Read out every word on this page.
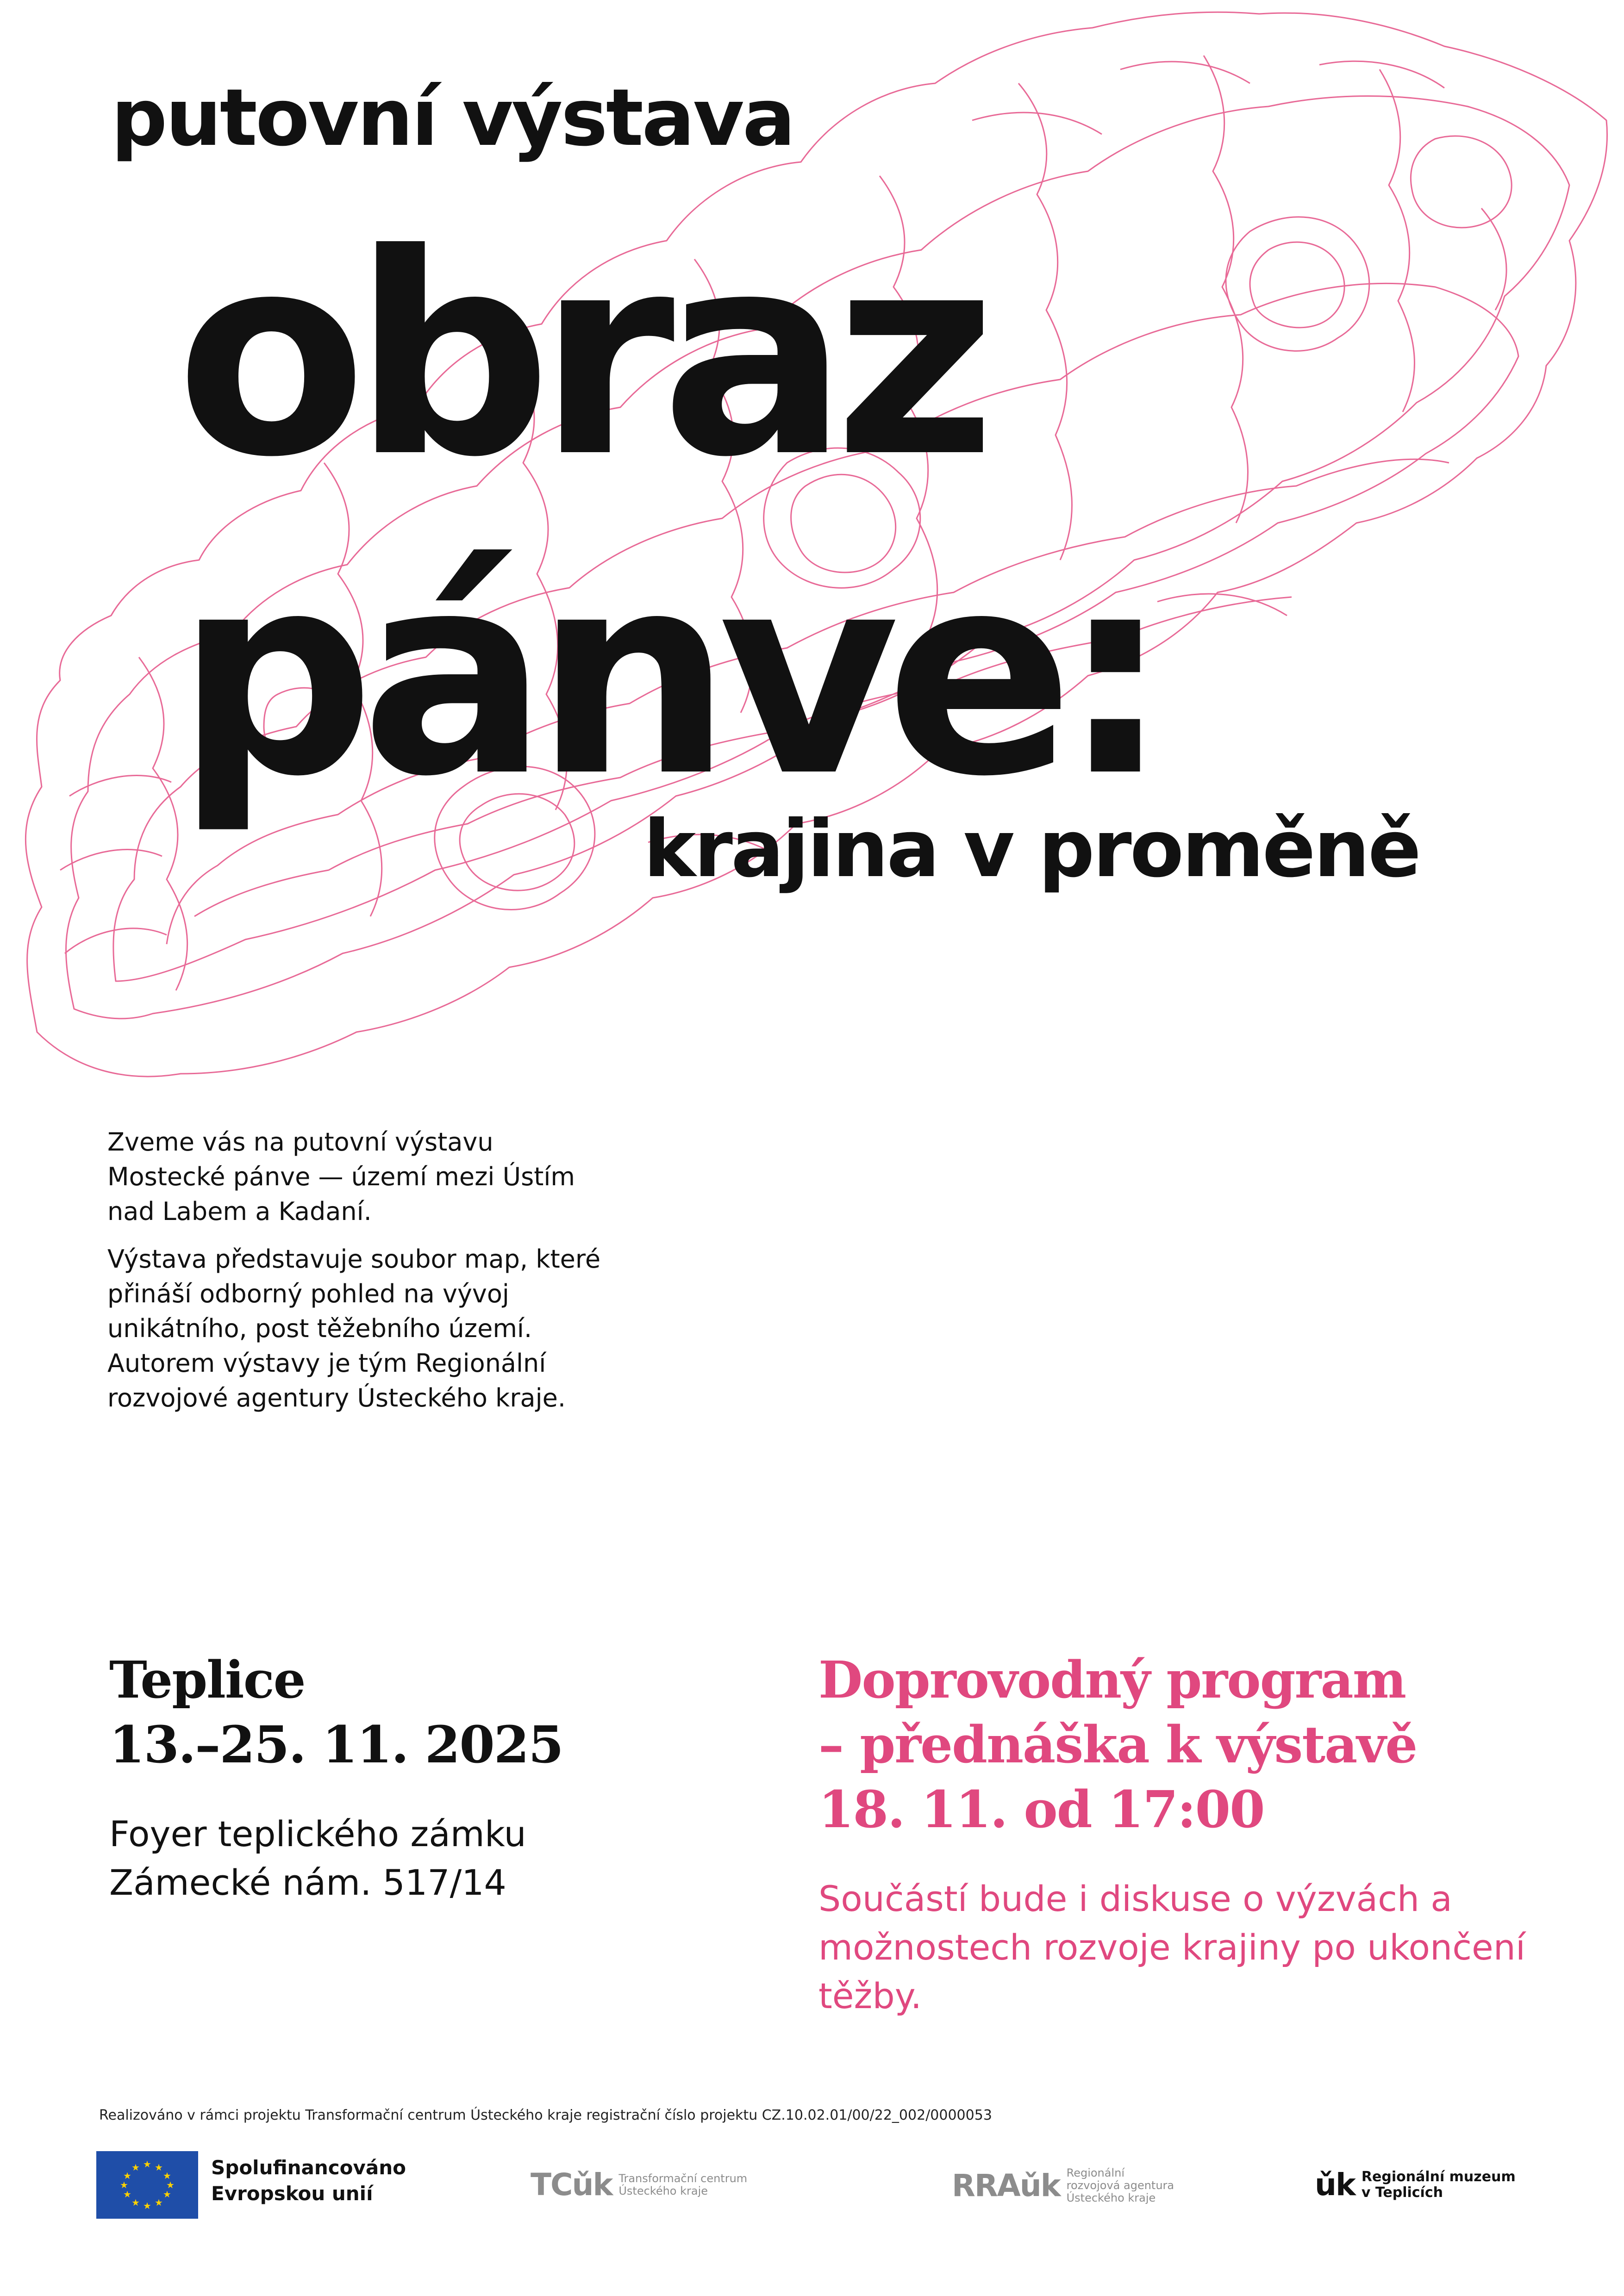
putovní výstava
obraz
pánve:
krajina v proměně

Zveme vás na putovní výstavu Mostecké pánve — území mezi Ústím nad Labem a Kadaní.

Výstava představuje soubor map, které přináší odborný pohled na vývoj unikátního, post těžebního území. Autorem výstavy je tým Regionální rozvojové agentury Ústeckého kraje.

Teplice

13.–25. 11. 2025

Foyer teplického zámku

Zámecké nám. 517/14

Doprovodný program

– přednáška k výstavě

18. 11. od 17:00

Součástí bude i diskuse o výzvách a možnostech rozvoje krajiny po ukončení těžby.

Realizováno v rámci projektu Transformační centrum Ústeckého kraje registrační číslo projektu CZ.10.02.01/00/22_002/0000053

★ ★
★
★
★
★
★
★
★
★
★
★	Spolufinancováno
Evropskou unií	TCǔk Transformační centrum
Ústeckého kraje	RRAǔk Regionální
rozvojová agentura
Ústeckého kraje	ǔk Regionální muzeum
v Teplicích
